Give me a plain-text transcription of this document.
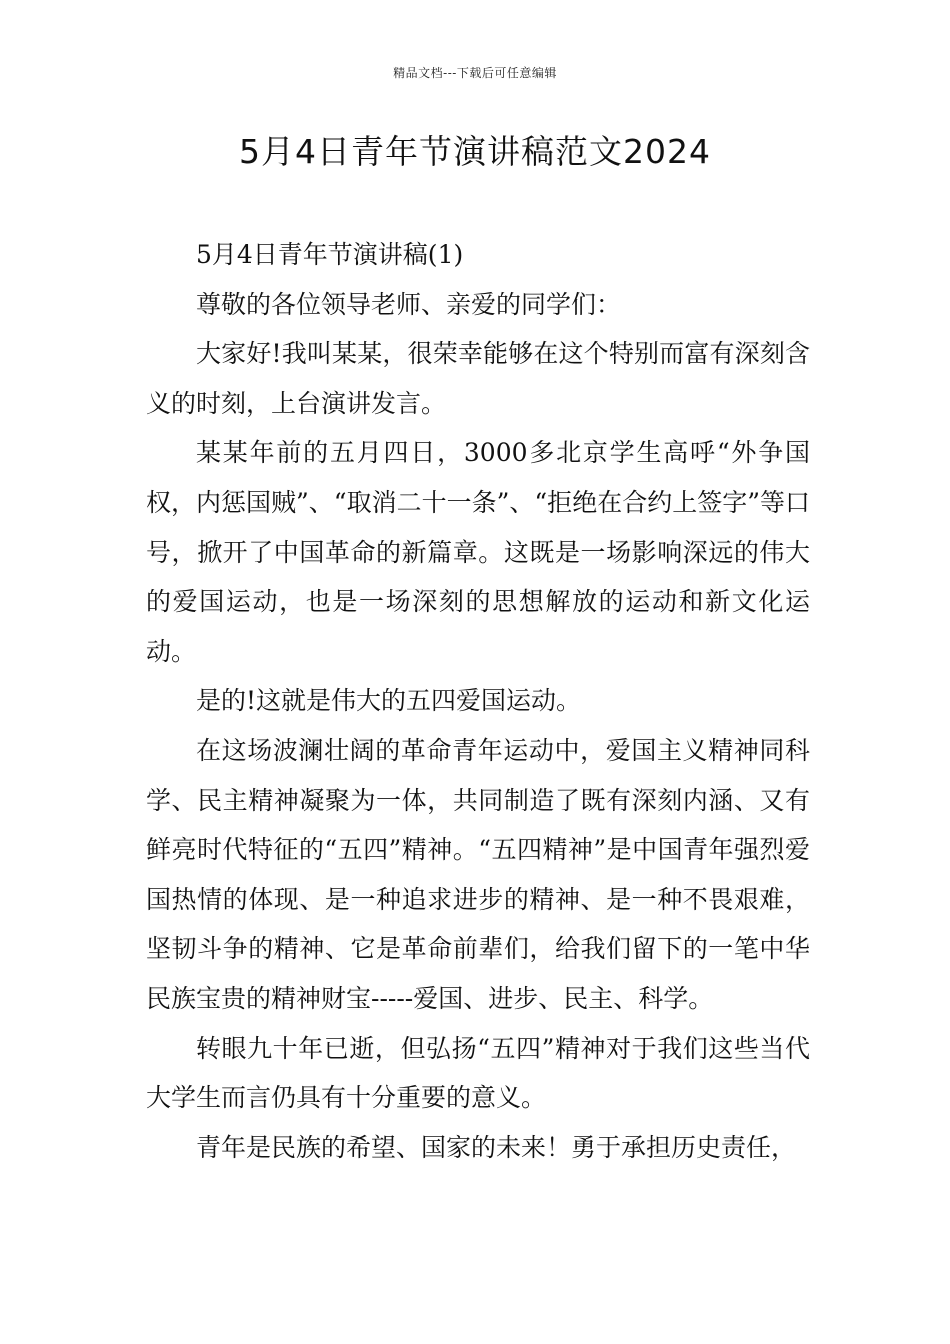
精品文档---下载后可任意编辑
5月4日青年节演讲稿范文2024

5月4日青年节演讲稿(1)

尊敬的各位领导老师、亲爱的同学们：

大家好!我叫某某，很荣幸能够在这个特别而富有深刻含义的时刻，上台演讲发言。

某某年前的五月四日，3000多北京学生高呼“外争国权，内惩国贼”、“取消二十一条”、“拒绝在合约上签字”等口号，掀开了中国革命的新篇章。这既是一场影响深远的伟大的爱国运动，也是一场深刻的思想解放的运动和新文化运动。

是的!这就是伟大的五四爱国运动。

在这场波澜壮阔的革命青年运动中，爱国主义精神同科学、民主精神凝聚为一体，共同制造了既有深刻内涵、又有鲜亮时代特征的“五四”精神。“五四精神”是中国青年强烈爱国热情的体现、是一种追求进步的精神、是一种不畏艰难，坚韧斗争的精神、它是革命前辈们，给我们留下的一笔中华民族宝贵的精神财宝-----爱国、进步、民主、科学。

转眼九十年已逝，但弘扬“五四”精神对于我们这些当代大学生而言仍具有十分重要的意义。

青年是民族的希望、国家的未来！勇于承担历史责任，
